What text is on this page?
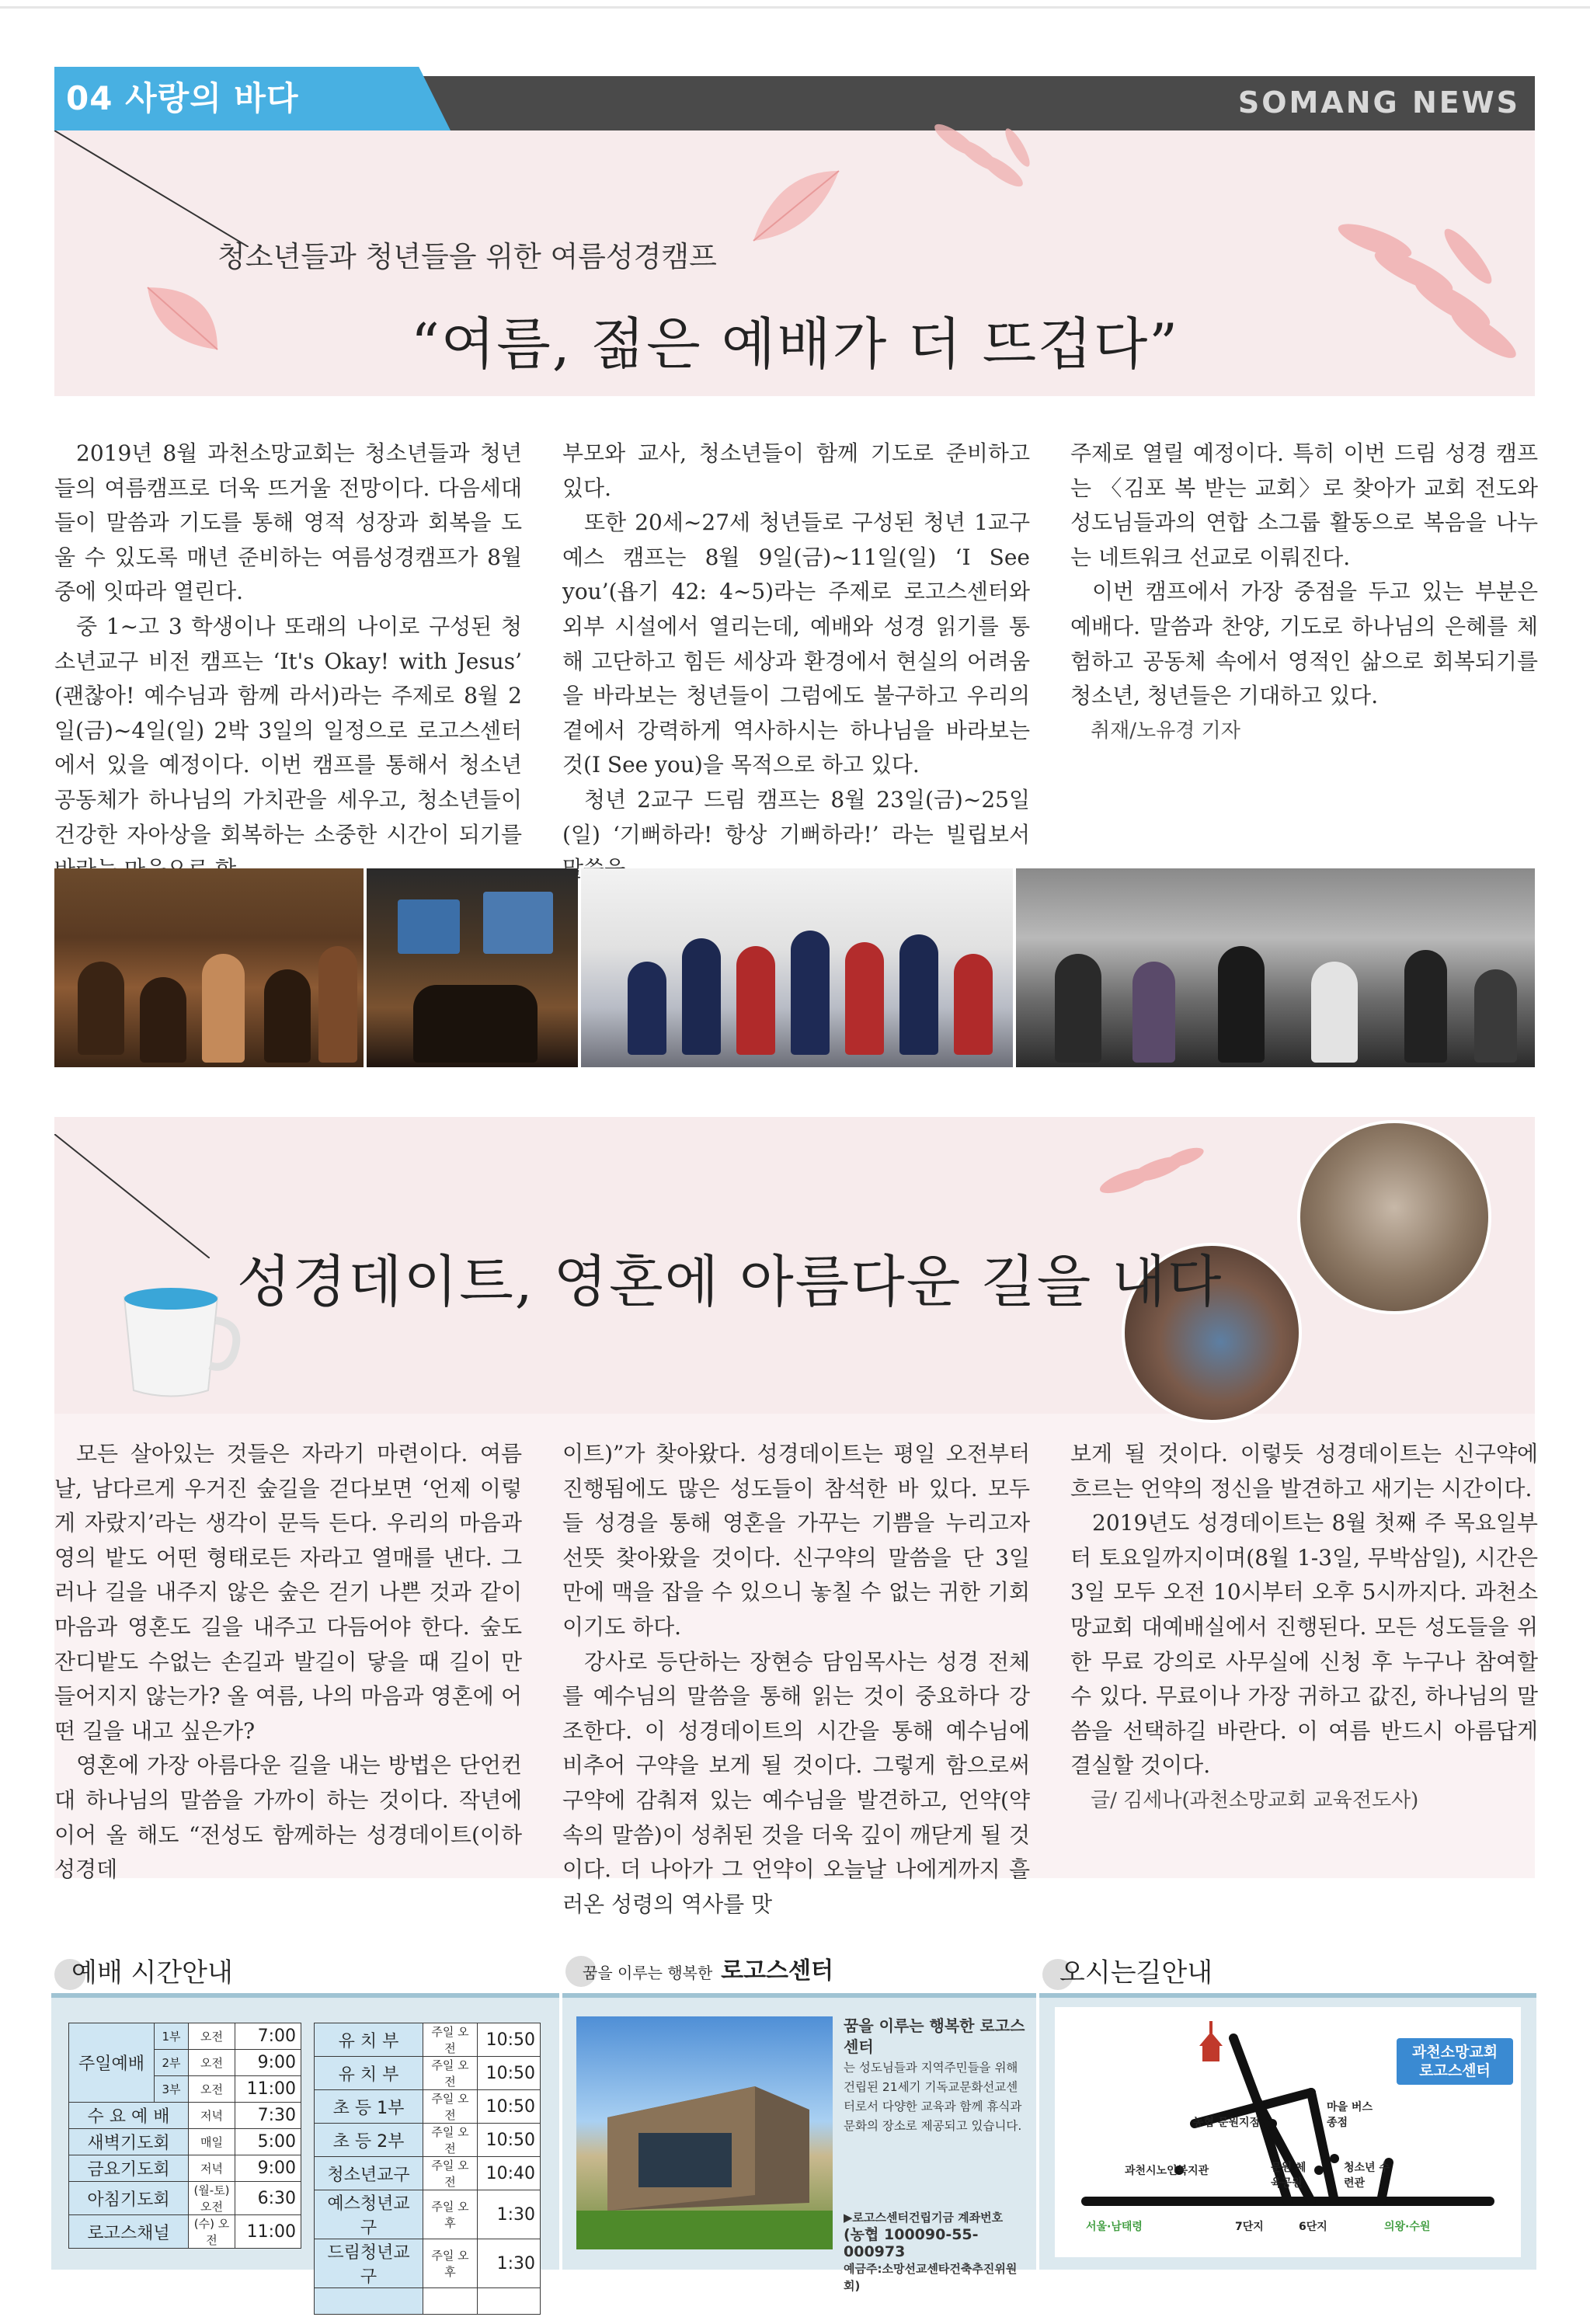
04 사랑의 바다	SOMANG NEWS
청소년들과 청년들을 위한 여름성경캠프
“여름, 젊은 예배가 더 뜨겁다”

2019년 8월 과천소망교회는 청소년들과 청년들의 여름캠프로 더욱 뜨거울 전망이다. 다음세대들이 말씀과 기도를 통해 영적 성장과 회복을 도울 수 있도록 매년 준비하는 여름성경캠프가 8월 중에 잇따라 열린다.

중 1~고 3 학생이나 또래의 나이로 구성된 청소년교구 비전 캠프는 ‘It's Okay! with Jesus’ (괜찮아! 예수님과 함께 라서)라는 주제로 8월 2일(금)~4일(일) 2박 3일의 일정으로 로고스센터에서 있을 예정이다. 이번 캠프를 통해서 청소년 공동체가 하나님의 가치관을 세우고, 청소년들이 건강한 자아상을 회복하는 소중한 시간이 되기를

부모와 교사, 청소년들이 함께 기도로 준비하고 있다.

또한 20세~27세 청년들로 구성된 청년 1교구 예스 캠프는 8월 9일(금)~11일(일) ‘I See you’(욥기 42: 4~5)라는 주제로 로고스센터와 외부 시설에서 열리는데, 예배와 성경 읽기를 통해 고단하고 힘든 세상과 환경에서 현실의 어려움을 바라보는 청년들이 그럼에도 불구하고 우리의 곁에서 강력하게 역사하시는 하나님을 바라보는 것(I See you)을 목적으로 하고 있다.

청년 2교구 드림 캠프는 8월 23일(금)~25일(일) ‘기뻐하라! 항상 기뻐하라!’ 라는 빌립보서

주제로 열릴 예정이다. 특히 이번 드림 성경 캠프는 〈김포 복 받는 교회〉로 찾아가 교회 전도와 성도님들과의 연합 소그룹 활동으로 복음을 나누는 네트워크 선교로 이뤄진다.

이번 캠프에서 가장 중점을 두고 있는 부분은 예배다. 말씀과 찬양, 기도로 하나님의 은혜를 체험하고 공동체 속에서 영적인 삶으로 회복되기를 청소년, 청년들은 기대하고 있다.

취재/노유경 기자

성경데이트, 영혼에 아름다운 길을 내다

모든 살아있는 것들은 자라기 마련이다. 여름날, 남다르게 우거진 숲길을 걷다보면 ‘언제 이렇게 자랐지’라는 생각이 문득 든다. 우리의 마음과 영의 밭도 어떤 형태로든 자라고 열매를 낸다. 그러나 길을 내주지 않은 숲은 걷기 나쁜 것과 같이 마음과 영혼도 길을 내주고 다듬어야 한다. 숲도 잔디밭도 수없는 손길과 발길이 닿을 때 길이 만들어지지 않는가? 올 여름, 나의 마음과 영혼에 어떤 길을 내고 싶은가?

영혼에 가장 아름다운 길을 내는 방법은 단언컨대 하나님의 말씀을 가까이 하는 것이다. 작년에 이어 올 해도 “전성도 함께하는 성경데이트(이하 성경데

이트)”가 찾아왔다. 성경데이트는 평일 오전부터 진행됨에도 많은 성도들이 참석한 바 있다. 모두들 성경을 통해 영혼을 가꾸는 기쁨을 누리고자 선뜻 찾아왔을 것이다. 신구약의 말씀을 단 3일 만에 맥을 잡을 수 있으니 놓칠 수 없는 귀한 기회이기도 하다.

강사로 등단하는 장현승 담임목사는 성경 전체를 예수님의 말씀을 통해 읽는 것이 중요하다 강조한다. 이 성경데이트의 시간을 통해 예수님에 비추어 구약을 보게 될 것이다. 그렇게 함으로써 구약에 감춰져 있는 예수님을 발견하고, 언약(약속의 말씀)이 성취된 것을 더욱 깊이 깨닫게 될 것이다. 더 나아가 그 언약이 오늘날 나에게까지 흘러온 성령의 역사를 맛

보게 될 것이다. 이렇듯 성경데이트는 신구약에 흐르는 언약의 정신을 발견하고 새기는 시간이다.

2019년도 성경데이트는 8월 첫째 주 목요일부터 토요일까지이며(8월 1-3일, 무박삼일), 시간은 3일 모두 오전 10시부터 오후 5시까지다. 과천소망교회 대예배실에서 진행된다. 모든 성도들을 위한 무료 강의로 사무실에 신청 후 누구나 참여할 수 있다. 무료이나 가장 귀하고 값진, 하나님의 말씀을 선택하길 바란다. 이 여름 반드시 아름답게 결실할 것이다.

글/ 김세나(과천소망교회 교육전도사)

예배 시간안내
주일예배	1부	오전	7:00
	2부	오전	9:00
	3부	오전	11:00
수 요 예 배		저녁	7:30
새벽기도회		매일	5:00
금요기도회		저녁	9:00
아침기도회		(월-토) 오전	6:30
로고스채널		(수) 오전	11:00
유 치 부	주일 오전	10:50
유 치 부	주일 오전	10:50
초 등 1부	주일 오전	10:50
초 등 2부	주일 오전	10:50
청소년교구	주일 오전	10:40
예스청년교구	주일 오후	1:30
드림청년교구	주일 오후	1:30

꿈을 이루는 행복한 로고스센터
꿈을 이루는 행복한 로고스센터
는 성도님들과 지역주민들을 위해 건립된 21세기 기독교문화선교센터로서 다양한 교육과 함께 휴식과 문화의 장소로 제공되고 있습니다.
▶로고스센터건립기금 계좌번호
(농협 100090-55-000973
예금주:소망선교센타건축추진위원회)
오시는길안내
과천소망교회 로고스센터
농협 문원지점
마을 버스종점
과천시노인복지관	문원 체육공원
청소년 수련관
서울·남태령	7단지	6단지	의왕·수원
